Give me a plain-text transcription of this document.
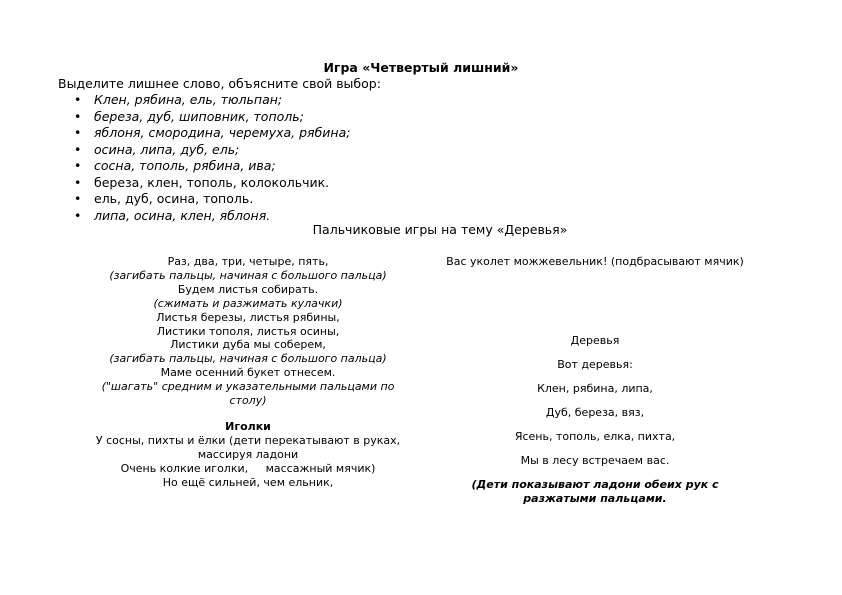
Игра «Четвертый лишний»
Выделите лишнее слово, объясните свой выбор:
• Клен, рябина, ель, тюльпан;
• береза, дуб, шиповник, тополь;
• яблоня, смородина, черемуха, рябина;
• осина, липа, дуб, ель;
• сосна, тополь, рябина, ива;
• береза, клен, тополь, колокольчик.
• ель, дуб, осина, тополь.
• липа, осина, клен, яблоня.
Пальчиковые игры на тему «Деревья»
Раз, два, три, четыре, пять,
(загибать пальцы, начиная с большого пальца)
Будем листья собирать.
(сжимать и разжимать кулачки)
Листья березы, листья рябины,
Листики тополя, листья осины,
Листики дуба мы соберем,
(загибать пальцы, начиная с большого пальца)
Маме осенний букет отнесем.
("шагать" средним и указательными пальцами по столу)
Иголки
У сосны, пихты и ёлки (дети перекатывают в руках, массируя ладони
Очень колкие иголки,     массажный мячик)
Но ещё сильней, чем ельник,
Вас уколет можжевельник! (подбрасывают мячик)
Деревья
Вот деревья:
Клен, рябина, липа,
Дуб, береза, вяз,
Ясень, тополь, елка, пихта,
Мы в лесу встречаем вас.
(Дети показывают ладони обеих рук с разжатыми пальцами.
